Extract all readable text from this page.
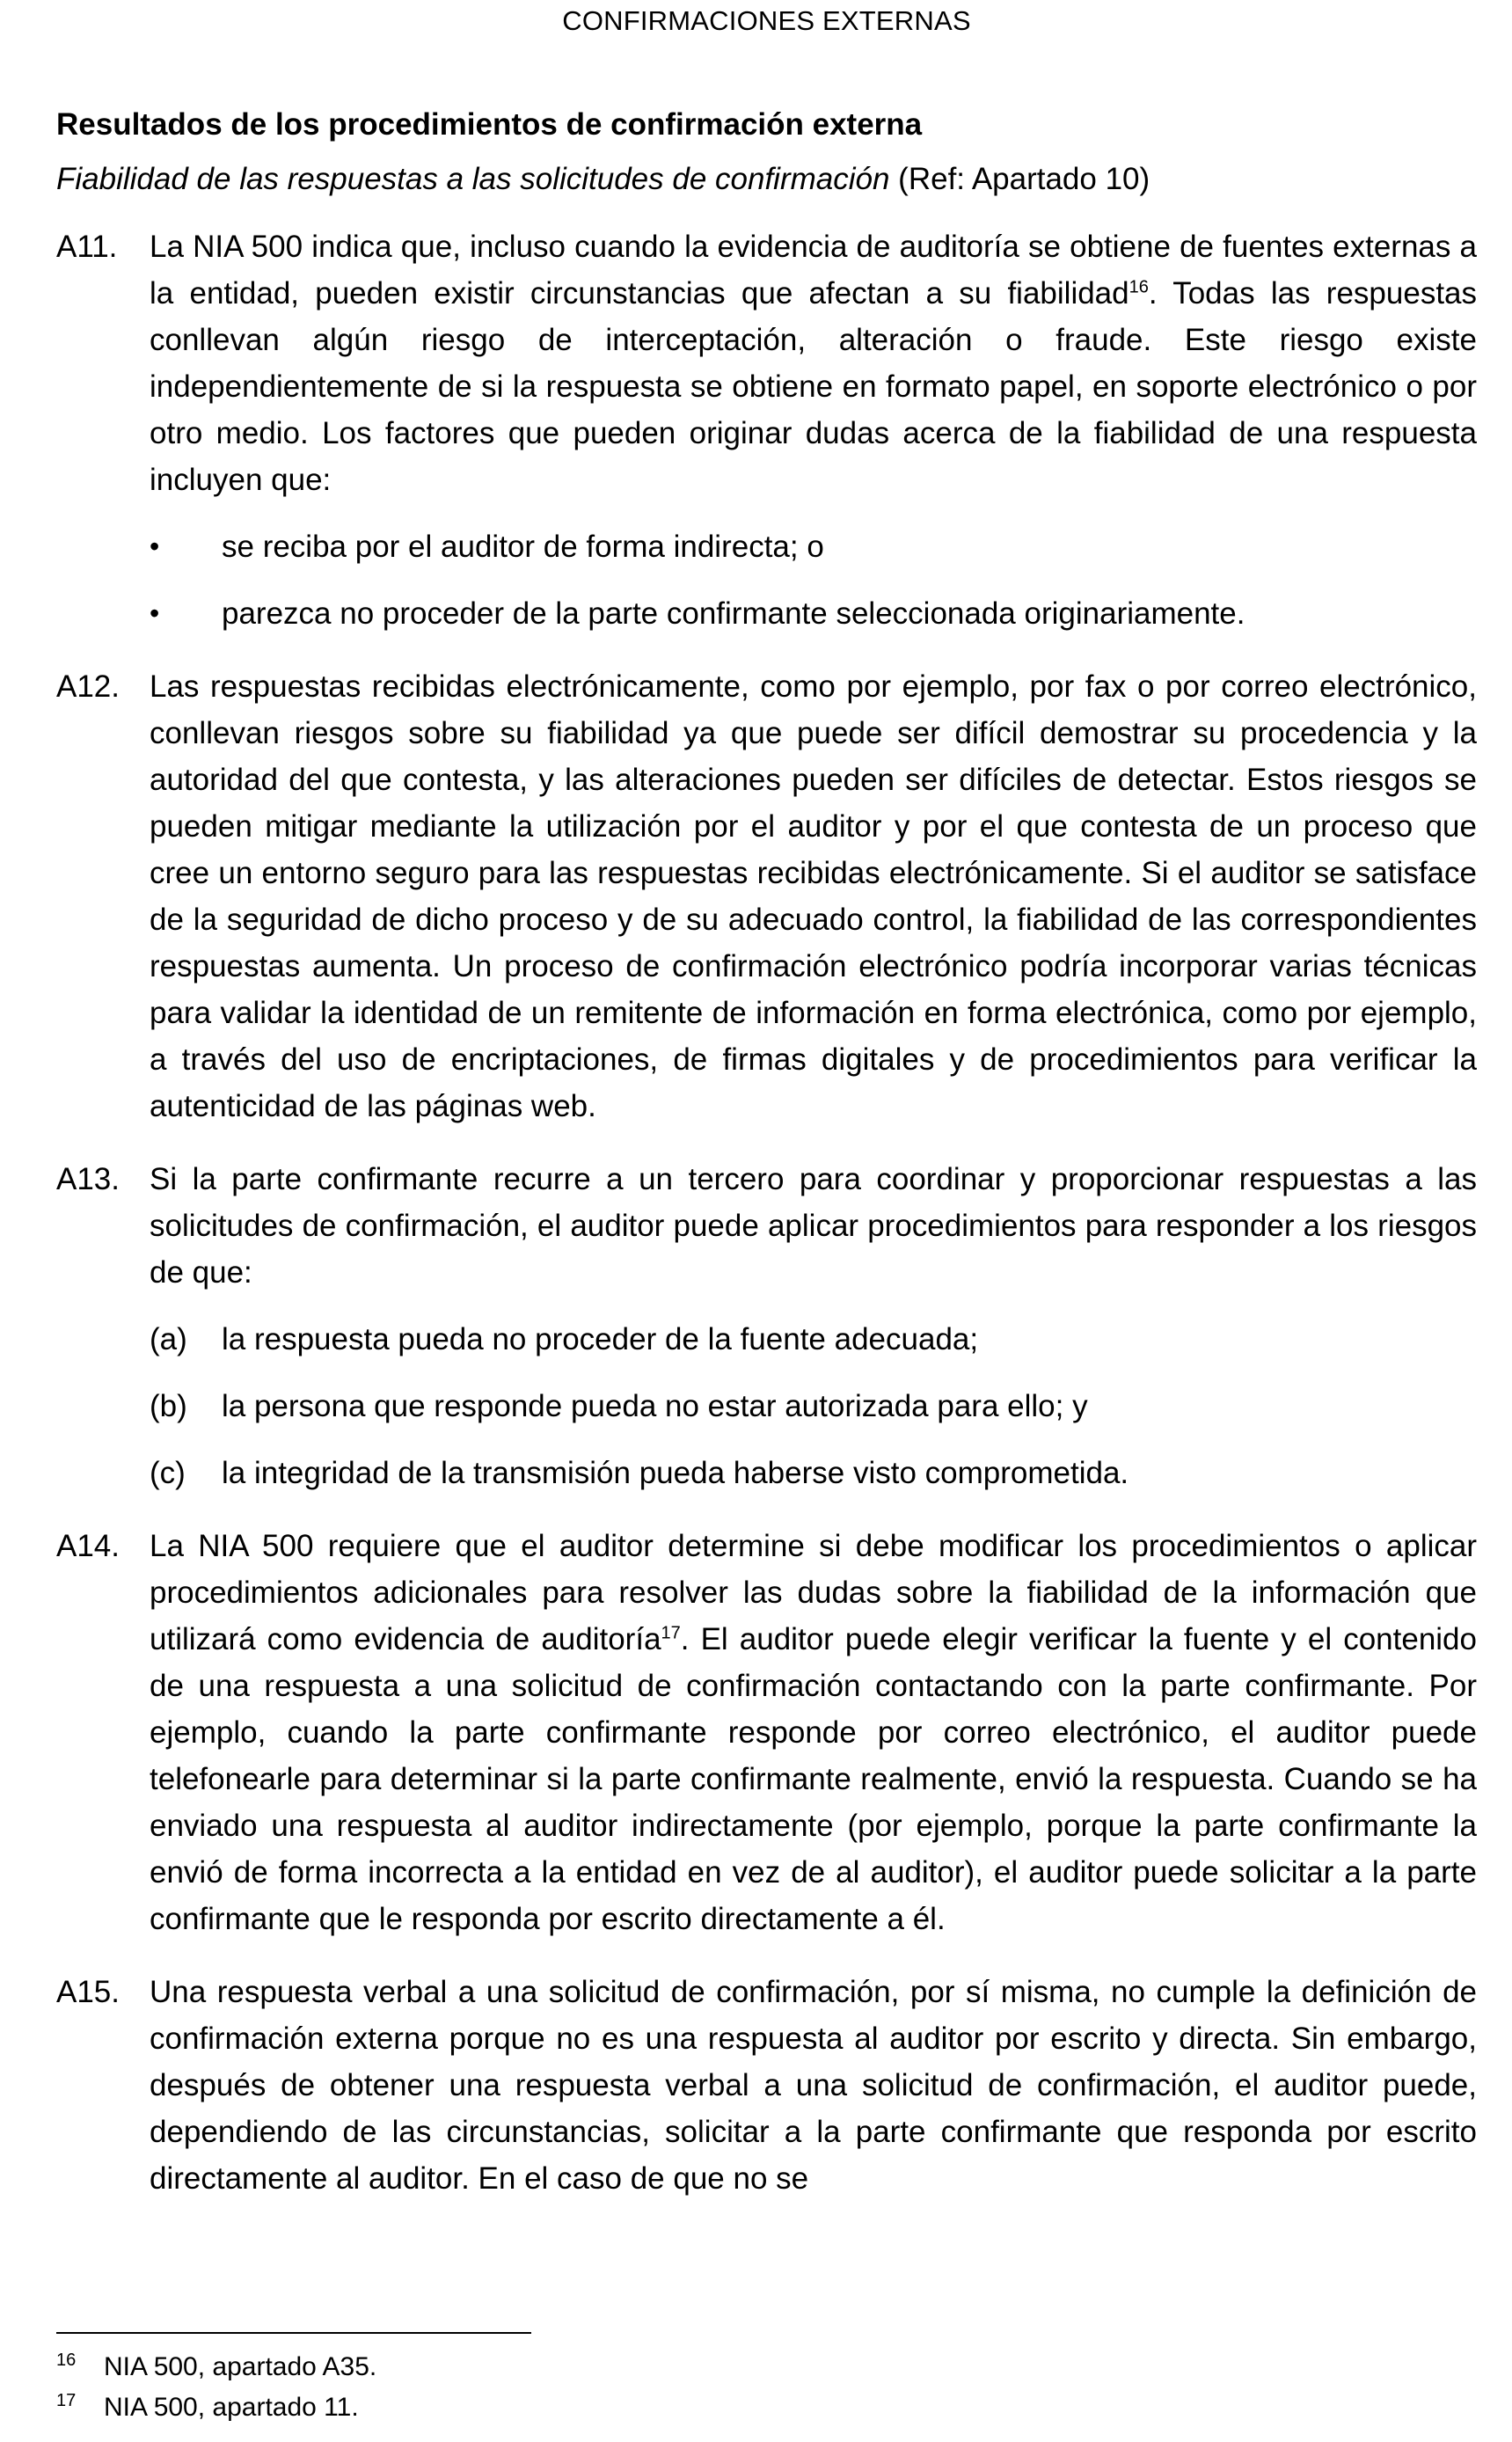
CONFIRMACIONES EXTERNAS
Resultados de los procedimientos de confirmación externa
Fiabilidad de las respuestas a las solicitudes de confirmación (Ref: Apartado 10)
A11.	La NIA 500 indica que, incluso cuando la evidencia de auditoría se obtiene de fuentes externas a la entidad, pueden existir circunstancias que afectan a su fiabilidad$^{16}$. Todas las respuestas conllevan algún riesgo de interceptación, alteración o fraude. Este riesgo existe independientemente de si la respuesta se obtiene en formato papel, en soporte electrónico o por otro medio. Los factores que pueden originar dudas acerca de la fiabilidad de una respuesta incluyen que:
•	se reciba por el auditor de forma indirecta; o
•	parezca no proceder de la parte confirmante seleccionada originariamente.
A12. Las respuestas recibidas electrónicamente, como por ejemplo, por fax o por correo electrónico, conllevan riesgos sobre su fiabilidad ya que puede ser difícil demostrar su procedencia y la autoridad del que contesta, y las alteraciones pueden ser difíciles de detectar. Estos riesgos se pueden mitigar mediante la utilización por el auditor y por el que contesta de un proceso que cree un entorno seguro para las respuestas recibidas electrónicamente. Si el auditor se satisface de la seguridad de dicho proceso y de su adecuado control, la fiabilidad de las correspondientes respuestas aumenta. Un proceso de confirmación electrónico podría incorporar varias técnicas para validar la identidad de un remitente de información en forma electrónica, como por ejemplo, a través del uso de encriptaciones, de firmas digitales y de procedimientos para verificar la autenticidad de las páginas web.
A13. Si la parte confirmante recurre a un tercero para coordinar y proporcionar respuestas a las solicitudes de confirmación, el auditor puede aplicar procedimientos para responder a los riesgos de que:
(a)	la respuesta pueda no proceder de la fuente adecuada;
(b)	la persona que responde pueda no estar autorizada para ello; y
(c)	la integridad de la transmisión pueda haberse visto comprometida.
A14. La NIA 500 requiere que el auditor determine si debe modificar los procedimientos o aplicar procedimientos adicionales para resolver las dudas sobre la fiabilidad de la información que utilizará como evidencia de auditoría$^{17}$. El auditor puede elegir verificar la fuente y el contenido de una respuesta a una solicitud de confirmación contactando con la parte confirmante. Por ejemplo, cuando la parte confirmante responde por correo electrónico, el auditor puede telefonearle para determinar si la parte confirmante realmente, envió la respuesta. Cuando se ha enviado una respuesta al auditor indirectamente (por ejemplo, porque la parte confirmante la envió de forma incorrecta a la entidad en vez de al auditor), el auditor puede solicitar a la parte confirmante que le responda por escrito directamente a él.
A15. Una respuesta verbal a una solicitud de confirmación, por sí misma, no cumple la definición de confirmación externa porque no es una respuesta al auditor por escrito y directa. Sin embargo, después de obtener una respuesta verbal a una solicitud de confirmación, el auditor puede, dependiendo de las circunstancias, solicitar a la parte confirmante que responda por escrito directamente al auditor. En el caso de que no se
16	NIA 500, apartado A35.
17	NIA 500, apartado 11.
